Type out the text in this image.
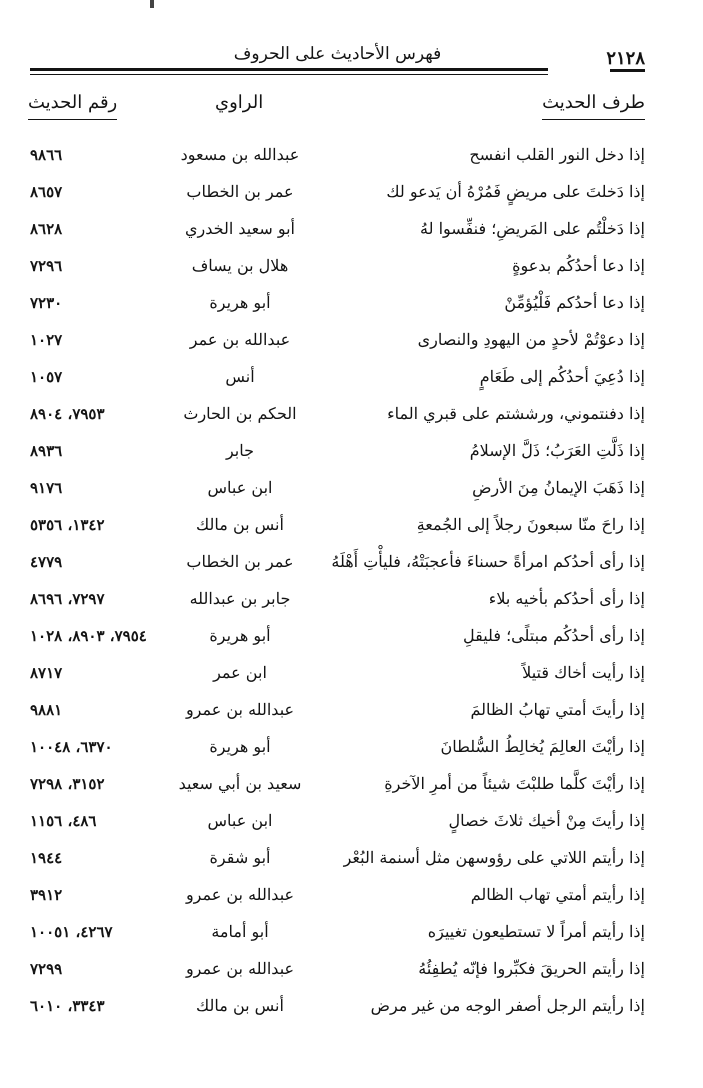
فهرس الأحاديث على الحروف	٢١٢٨
طرف الحديث
الراوي
رقم الحديث
إذا دخل النور القلب انفسح
عبدالله بن مسعود
٩٨٦٦
إذا دَخلتَ على مريضٍ فَمُرْهُ أن يَدعو لك
عمر بن الخطاب
٨٦٥٧
إذا دَخلْتُم على المَريضِ؛ فنفِّسوا لهُ
أبو سعيد الخدري
٨٦٢٨
إذا دعا أحدُكُم بدعوةٍ
هلال بن يساف
٧٢٩٦
إذا دعا أحدُكم فَلْيُؤمِّنْ
أبو هريرة
٧٢٣٠
إذا دعوْتُمْ لأحدٍ من اليهودِ والنصارى
عبدالله بن عمر
١٠٢٧
إذا دُعِيَ أحدُكُم إلى طَعَامٍ
أنس
١٠٥٧
إذا دفنتموني، ورششتم على قبري الماء
الحكم بن الحارث
٧٩٥٣، ٨٩٠٤
إذا ذَلَّتِ العَرَبُ؛ ذَلَّ الإسلامُ
جابر
٨٩٣٦
إذا ذَهَبَ الإيمانُ مِنَ الأرضِ
ابن عباس
٩١٧٦
إذا راحَ منّا سبعونَ رجلاً إلى الجُمعةِ
أنس بن مالك
١٣٤٢، ٥٣٥٦
إذا رأى أحدُكم امرأةً حسناءَ فأعجبَتْهُ، فليأْتِ أَهْلَهُ
عمر بن الخطاب
٤٧٧٩
إذا رأى أحدُكم بأخيه بلاء
جابر بن عبدالله
٧٢٩٧، ٨٦٩٦
إذا رأى أحدُكُم مبتلًى؛ فليقلِ
أبو هريرة
٧٩٥٤، ٨٩٠٣، ١٠٢٨
إذا رأيت أخاك قتيلاً
ابن عمر
٨٧١٧
إذا رأيتَ أمتي تهابُ الظالمَ
عبدالله بن عمرو
٩٨٨١
إذا رأيْتَ العالِمَ يُخالِطُ السُّلطانَ
أبو هريرة
٦٣٧٠، ١٠٠٤٨
إذا رأيْتَ كلَّما طلبْتَ شيئاً من أمرِ الآخرةِ
سعيد بن أبي سعيد
٣١٥٢، ٧٢٩٨
إذا رأيتَ مِنْ أخيك ثلاثَ خصالٍ
ابن عباس
٤٨٦، ١١٥٦
إذا رأيتم اللاتي على رؤوسهن مثل أسنمة البُعْر
أبو شقرة
١٩٤٤
إذا رأيتم أمتي تهاب الظالم
عبدالله بن عمرو
٣٩١٢
إذا رأيتم أمراً لا تستطيعون تغييرَه
أبو أمامة
٤٢٦٧، ١٠٠٥١
إذا رأيتم الحريقَ فكبِّروا فإنّه يُطفِئُهُ
عبدالله بن عمرو
٧٢٩٩
إذا رأيتم الرجل أصفر الوجه من غير مرض
أنس بن مالك
٣٣٤٣، ٦٠١٠
